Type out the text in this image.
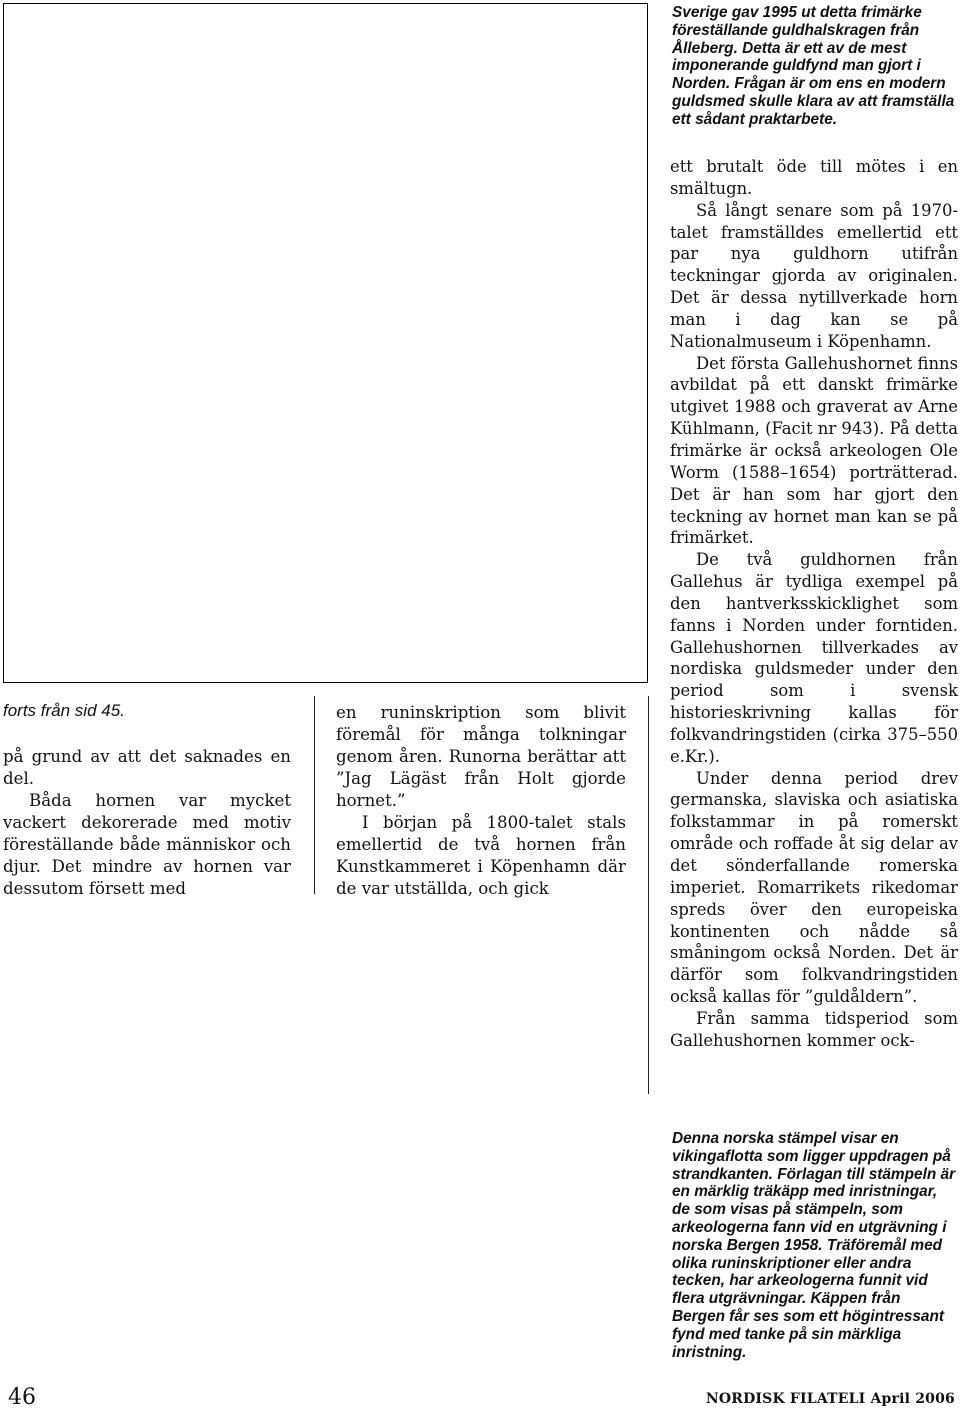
Sverige gav 1995 ut detta frimärke föreställande guldhalskragen från Ålleberg. Detta är ett av de mest imponerande guldfynd man gjort i Norden. Frågan är om ens en modern guldsmed skulle klara av att framställa ett sådant praktarbete.

forts från sid 45.

på grund av att det saknades en del.

Båda hornen var mycket vackert dekorerade med motiv föreställande både människor och djur. Det mindre av hornen var dessutom försett med

en runinskription som blivit föremål för många tolkningar genom åren. Runorna berättar att ”Jag Lägäst från Holt gjorde hornet.”

I början på 1800-talet stals emellertid de två hornen från Kunstkammeret i Köpenhamn där de var utställda, och gick

ett brutalt öde till mötes i en smältugn.

Så långt senare som på 1970-talet framställdes emellertid ett par nya guldhorn utifrån teckningar gjorda av originalen. Det är dessa nytillverkade horn man i dag kan se på Nationalmuseum i Köpenhamn.

Det första Gallehushornet finns avbildat på ett danskt frimärke utgivet 1988 och graverat av Arne Kühlmann, (Facit nr 943). På detta frimärke är också arkeologen Ole Worm (1588–1654) porträtterad. Det är han som har gjort den teckning av hornet man kan se på frimärket.

De två guldhornen från Gallehus är tydliga exempel på den hantverksskicklighet som fanns i Norden under forntiden. Gallehushornen tillverkades av nordiska guldsmeder under den period som i svensk historieskrivning kallas för folkvandringstiden (cirka 375–550 e.Kr.).

Under denna period drev germanska, slaviska och asiatiska folkstammar in på romerskt område och roffade åt sig delar av det sönderfallande romerska imperiet. Romarrikets rikedomar spreds över den europeiska kontinenten och nådde så småningom också Norden. Det är därför som folkvandringstiden också kallas för ”guldåldern”.

Från samma tidsperiod som Gallehushornen kommer ock-

Denna norska stämpel visar en vikingaflotta som ligger uppdragen på strandkanten. Förlagan till stämpeln är en märklig träkäpp med inristningar, de som visas på stämpeln, som arkeologerna fann vid en utgrävning i norska Bergen 1958. Träföremål med olika runinskriptioner eller andra tecken, har arkeologerna funnit vid flera utgrävningar. Käppen från Bergen får ses som ett högintressant fynd med tanke på sin märkliga inristning.

46	NORDISK FILATELI April 2006
